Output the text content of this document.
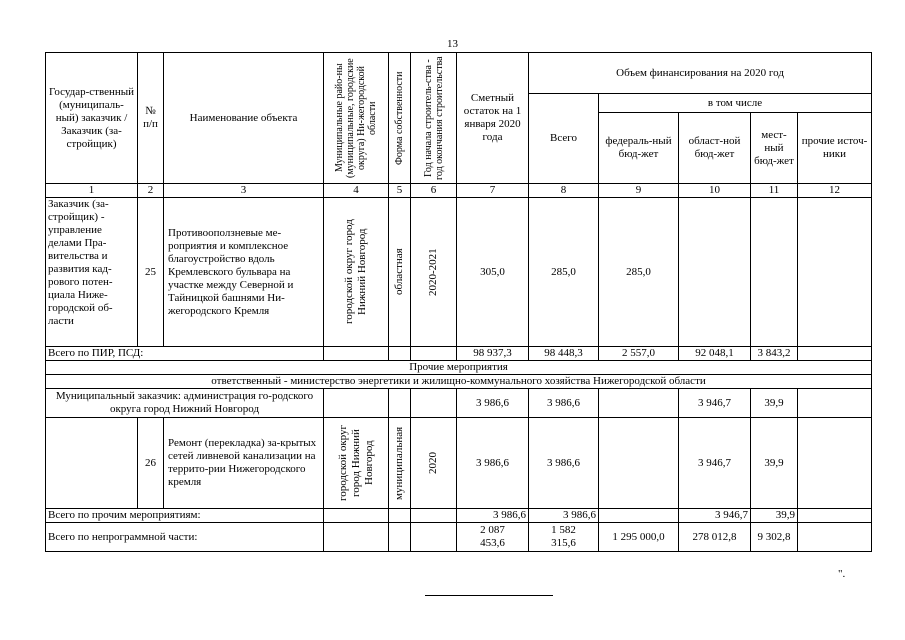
13
Государ-ственный (муниципаль-ный) заказчик / Заказчик (за-стройщик)	№ п/п	Наименование объекта	Муниципальные райо-ны (муниципальные, городские округа) Ни-жегородской области	Форма собственности	Год начала строитель-ства - год окончания строительства	Сметный остаток на 1 января 2020 года	Объем финансирования на 2020 год				
							Всего	в том числе			
								федераль-ный бюд-жет	област-ной бюд-жет	мест-ный бюд-жет	прочие источ-ники
1	2	3	4	5	6	7	8	9	10	11	12
Заказчик (за-стройщик) - управление делами Пра-вительства и развития кад-рового потен-циала Ниже-городской об-ласти	25	Противооползневые ме-роприятия и комплексное благоустройство вдоль Кремлевского бульвара на участке между Северной и Тайницкой башнями Ни-жегородского Кремля	городской округ город Нижний Новгород	областная	2020-2021	305,0	285,0	285,0			
Всего по ПИР, ПСД:						98 937,3	98 448,3	2 557,0	92 048,1	3 843,2	
Прочие мероприятия											
ответственный - министерство энергетики и жилищно-коммунального хозяйства Нижегородской области											
Муниципальный заказчик: администрация го-родского округа город Нижний Новгород						3 986,6	3 986,6		3 946,7	39,9	
	26	Ремонт (перекладка) за-крытых сетей ливневой канализации на террито-рии Нижегородского кремля	городской округ город Нижний Новгород	муниципальная	2020	3 986,6	3 986,6		3 946,7	39,9	
Всего по прочим мероприятиям:						3 986,6	3 986,6		3 946,7	39,9	
Всего по непрограммной части:						2 087 453,6	1 582 315,6	1 295 000,0	278 012,8	9 302,8	
".
